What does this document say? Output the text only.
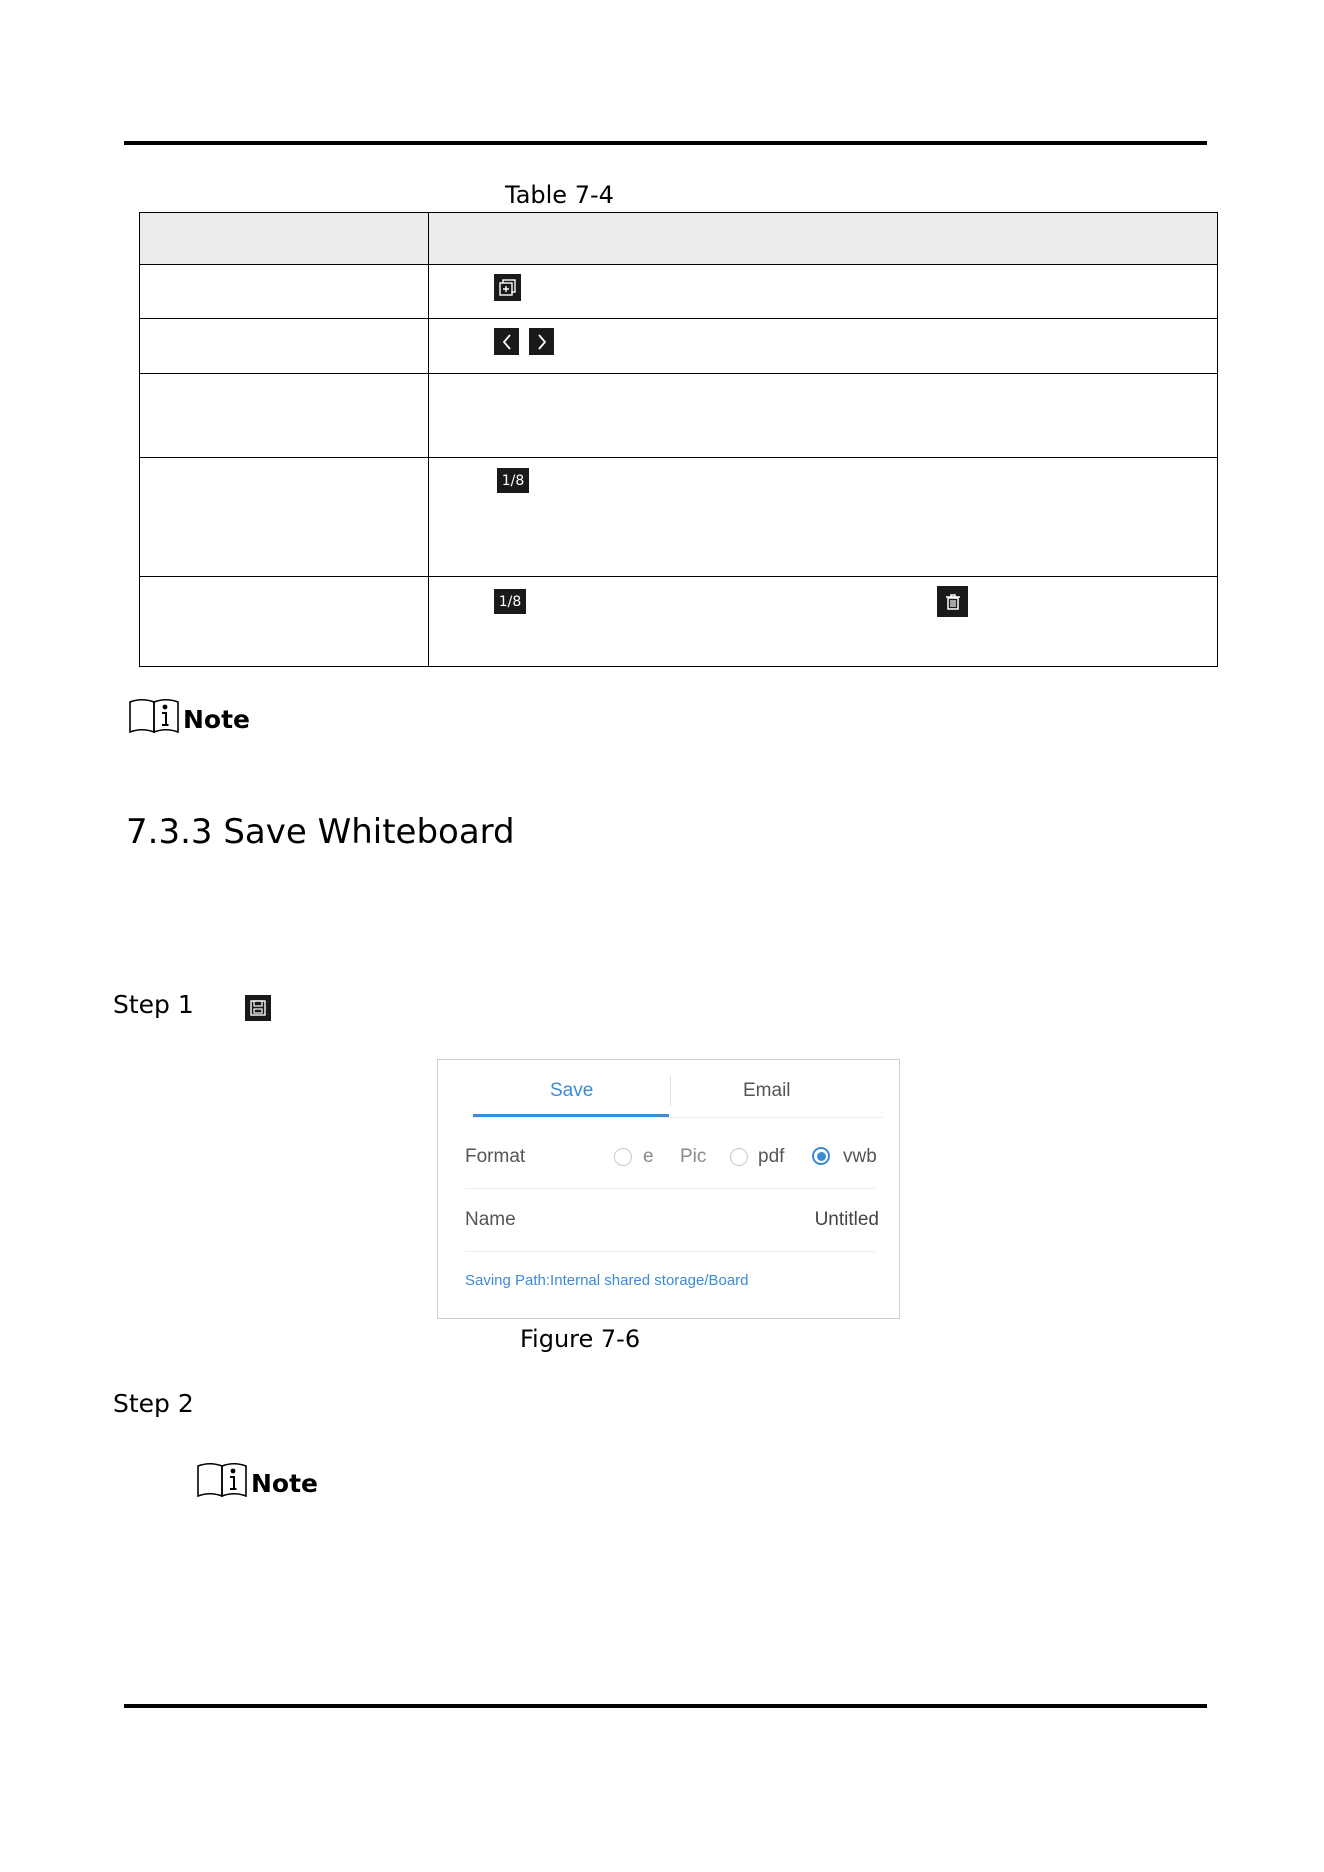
Table 7-4

1/8

1/8
Note
7.3.3 Save Whiteboard
Step 1
Save	Email
Format	e Pic	pdf	vwb
Name	Untitled
Saving Path:Internal shared storage/Board
Figure 7-6
Step 2
Note
